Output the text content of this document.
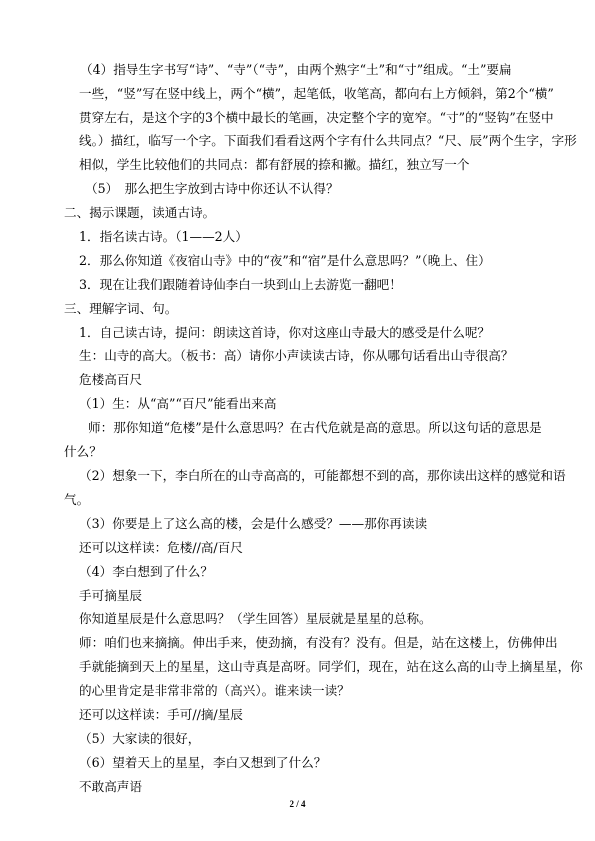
（4）指导生字书写“诗”、“寺”（“寺”，由两个熟字“土”和“寸”组成。“土”要扁
一些，“竖”写在竖中线上，两个“横”，起笔低，收笔高，都向右上方倾斜，第2个“横”
贯穿左右，是这个字的3个横中最长的笔画，决定整个字的宽窄。“寸”的“竖钩”在竖中
线。）描红，临写一个字。下面我们看看这两个字有什么共同点？“尺、辰”两个生字，字形
相似，学生比较他们的共同点：都有舒展的捺和撇。描红，独立写一个
（5）　那么把生字放到古诗中你还认不认得？
二、揭示课题，读通古诗。
1．指名读古诗。（1——2人）
2．那么你知道《夜宿山寺》中的“夜”和“宿”是什么意思吗？”（晚上、住）
3．现在让我们跟随着诗仙李白一块到山上去游览一翻吧！
三、理解字词、句。
1．自己读古诗，提问：朗读这首诗，你对这座山寺最大的感受是什么呢？
生：山寺的高大。（板书：高）请你小声读读古诗，你从哪句话看出山寺很高？
危楼高百尺
（1）生：从“高”“百尺”能看出来高
师：那你知道“危楼”是什么意思吗？在古代危就是高的意思。所以这句话的意思是
什么？
（2）想象一下，李白所在的山寺高高的，可能都想不到的高，那你读出这样的感觉和语
气。
（3）你要是上了这么高的楼，会是什么感受？——那你再读读
还可以这样读：危楼//高/百尺
（4）李白想到了什么？
手可摘星辰
你知道星辰是什么意思吗？（学生回答）星辰就是星星的总称。
师：咱们也来摘摘。伸出手来，使劲摘，有没有？没有。但是，站在这楼上，仿佛伸出
手就能摘到天上的星星，这山寺真是高呀。同学们，现在，站在这么高的山寺上摘星星，你
的心里肯定是非常非常的（高兴）。谁来读一读？
还可以这样读：手可//摘/星辰
（5）大家读的很好，
（6）望着天上的星星，李白又想到了什么？
不敢高声语
2 / 4
